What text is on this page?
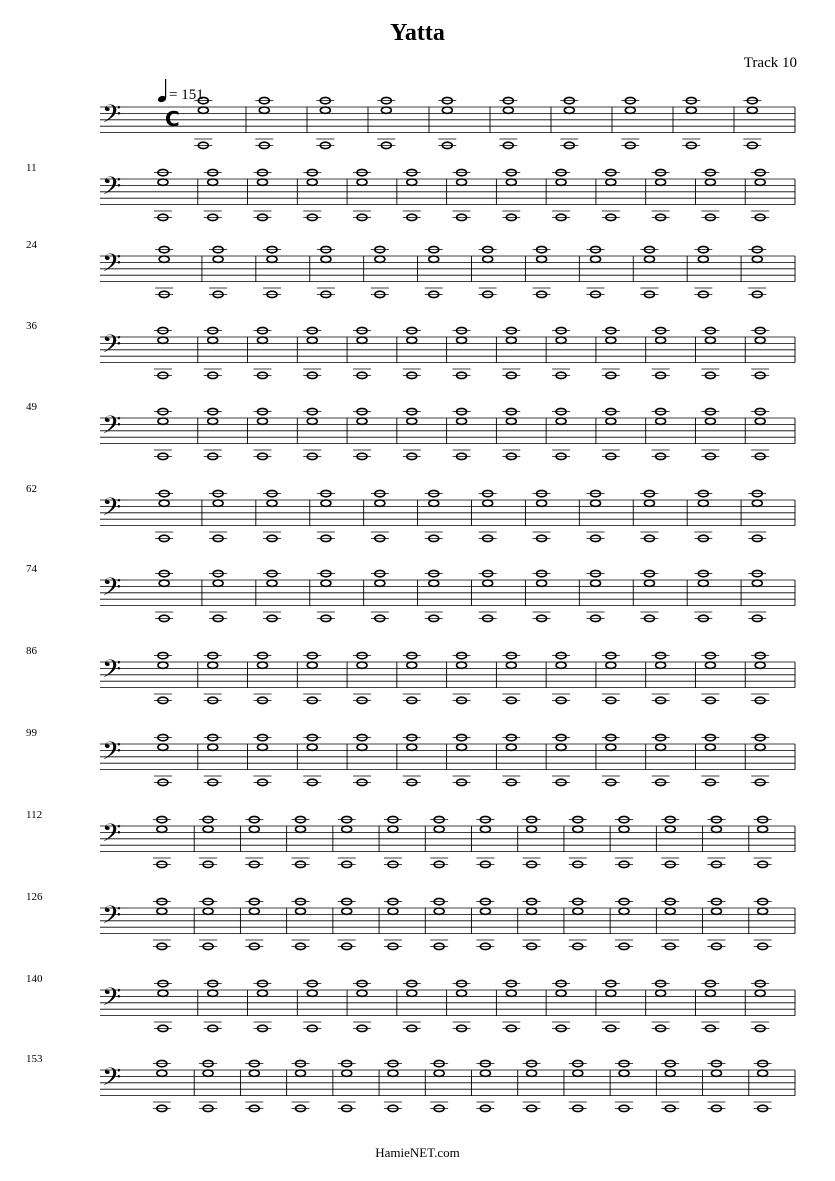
Yatta
Track 10
= 151
𝄢 C
11
𝄢
24
𝄢
36
𝄢
49
𝄢
62
𝄢
74
𝄢
86
𝄢
99
𝄢
112
𝄢
126
𝄢
140
𝄢
153
𝄢
HamieNET.com
